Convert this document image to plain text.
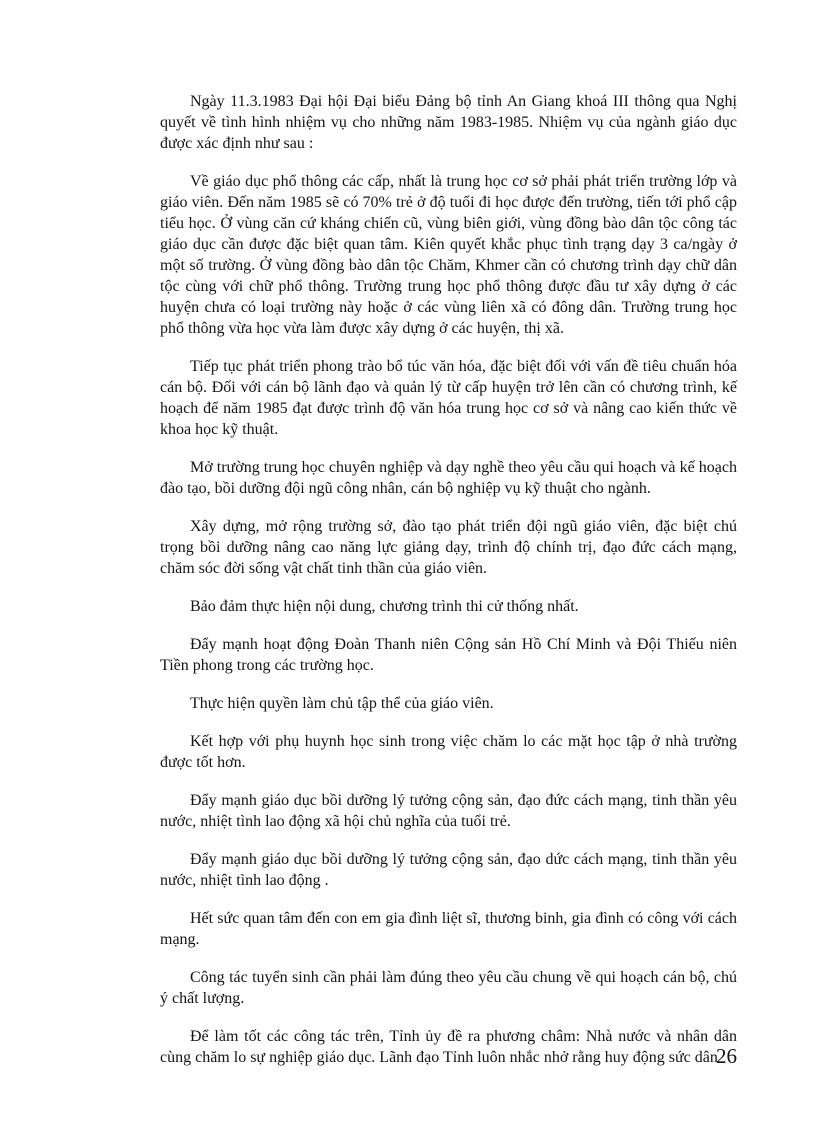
Ngày 11.3.1983 Đại hội Đại biểu Đảng bộ tỉnh An Giang khoá III thông qua Nghị quyết về tình hình nhiệm vụ cho những năm 1983-1985. Nhiệm vụ của ngành giáo dục được xác định như sau :

Về giáo dục phổ thông các cấp, nhất là trung học cơ sở phải phát triển trường lớp và giáo viên. Đến năm 1985 sẽ có 70% trẻ ở độ tuổi đi học được đến trường, tiến tới phổ cập tiểu học. Ở vùng căn cứ kháng chiến cũ, vùng biên giới, vùng đồng bào dân tộc công tác giáo dục cần được đặc biệt quan tâm. Kiên quyết khắc phục tình trạng dạy 3 ca/ngày ở một số trường. Ở vùng đồng bào dân tộc Chăm, Khmer cần có chương trình dạy chữ dân tộc cùng với chữ phổ thông. Trường trung học phổ thông được đầu tư xây dựng ở các huyện chưa có loại trường này hoặc ở các vùng liên xã có đông dân. Trường trung học phổ thông vừa học vừa làm được xây dựng ở các huyện, thị xã.

Tiếp tục phát triển phong trào bổ túc văn hóa, đặc biệt đối với vấn đề tiêu chuẩn hóa cán bộ. Đối với cán bộ lãnh đạo và quản lý từ cấp huyện trở lên cần có chương trình, kế hoạch để năm 1985 đạt được trình độ văn hóa trung học cơ sở và nâng cao kiến thức về khoa học kỹ thuật.

Mở trường trung học chuyên nghiệp và dạy nghề theo yêu cầu qui hoạch và kế hoạch đào tạo, bồi dưỡng đội ngũ công nhân, cán bộ nghiệp vụ kỹ thuật cho ngành.

Xây dựng, mở rộng trường sở, đào tạo phát triển đội ngũ giáo viên, đặc biệt chú trọng bồi dưỡng nâng cao năng lực giảng dạy, trình độ chính trị, đạo đức cách mạng, chăm sóc đời sống vật chất tinh thần của giáo viên.

Bảo đảm thực hiện nội dung, chương trình thi cử thống nhất.

Đẩy mạnh hoạt động Đoàn Thanh niên Cộng sản Hồ Chí Minh và Đội Thiếu niên Tiền phong trong các trường học.

Thực hiện quyền làm chủ tập thể của giáo viên.

Kết hợp với phụ huynh học sinh trong việc chăm lo các mặt học tập ở nhà trường được tốt hơn.

Đẩy mạnh giáo dục bồi dưỡng lý tưởng cộng sản, đạo đức cách mạng, tinh thần yêu nước, nhiệt tình lao động xã hội chủ nghĩa của tuổi trẻ.

Đẩy mạnh giáo dục bồi dưỡng lý tưởng cộng sản, đạo dức cách mạng, tinh thần yêu nước, nhiệt tình lao động .

Hết sức quan tâm đến con em gia đình liệt sĩ, thương binh, gia đình có công với cách mạng.

Công tác tuyển sinh cần phải làm đúng theo yêu cầu chung về qui hoạch cán bộ, chú ý chất lượng.

Để làm tốt các công tác trên, Tỉnh ủy đề ra phương châm: Nhà nước và nhân dân cùng chăm lo sự nghiệp giáo dục. Lãnh đạo Tỉnh luôn nhắc nhở rằng huy động sức dân

26
